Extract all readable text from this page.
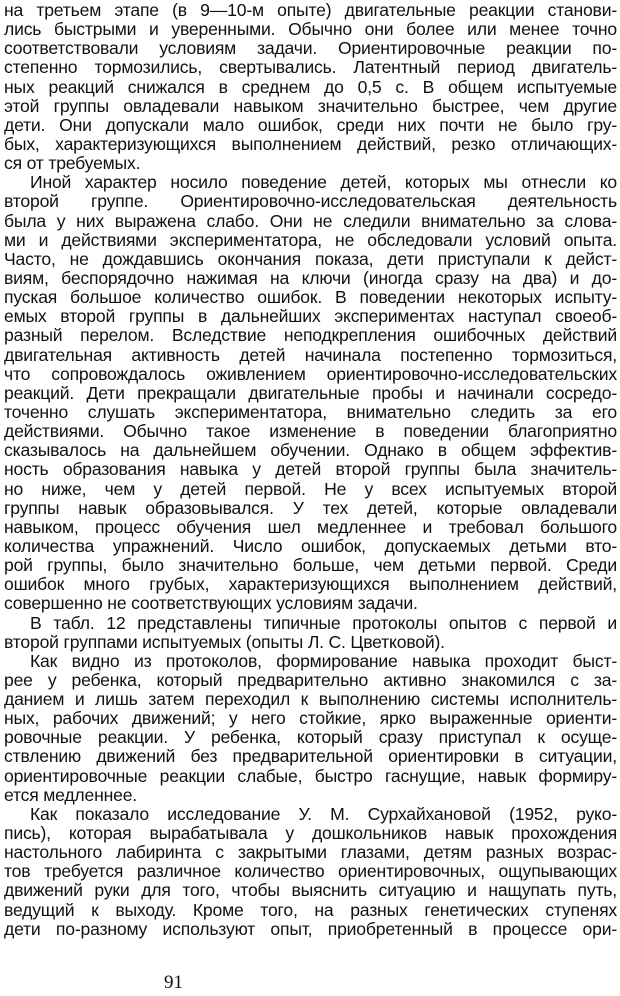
на третьем этапе (в 9—10-м опыте) двигательные реакции станови-
лись быстрыми и уверенными. Обычно они более или менее точно
соответствовали условиям задачи. Ориентировочные реакции по-
степенно тормозились, свертывались. Латентный период двигатель-
ных реакций снижался в среднем до 0,5 с. В общем испытуемые
этой группы овладевали навыком значительно быстрее, чем другие
дети. Они допускали мало ошибок, среди них почти не было гру-
бых, характеризующихся выполнением действий, резко отличающих-
ся от требуемых.
Иной характер носило поведение детей, которых мы отнесли ко
второй группе. Ориентировочно-исследовательская деятельность
была у них выражена слабо. Они не следили внимательно за слова-
ми и действиями экспериментатора, не обследовали условий опыта.
Часто, не дождавшись окончания показа, дети приступали к дейст-
виям, беспорядочно нажимая на ключи (иногда сразу на два) и до-
пуская большое количество ошибок. В поведении некоторых испыту-
емых второй группы в дальнейших экспериментах наступал своеоб-
разный перелом. Вследствие неподкрепления ошибочных действий
двигательная активность детей начинала постепенно тормозиться,
что сопровождалось оживлением ориентировочно-исследовательских
реакций. Дети прекращали двигательные пробы и начинали сосредо-
точенно слушать экспериментатора, внимательно следить за его
действиями. Обычно такое изменение в поведении благоприятно
сказывалось на дальнейшем обучении. Однако в общем эффектив-
ность образования навыка у детей второй группы была значитель-
но ниже, чем у детей первой. Не у всех испытуемых второй
группы навык образовывался. У тех детей, которые овладевали
навыком, процесс обучения шел медленнее и требовал большого
количества упражнений. Число ошибок, допускаемых детьми вто-
рой группы, было значительно больше, чем детьми первой. Среди
ошибок много грубых, характеризующихся выполнением действий,
совершенно не соответствующих условиям задачи.
В табл. 12 представлены типичные протоколы опытов с первой и
второй группами испытуемых (опыты Л. С. Цветковой).
Как видно из протоколов, формирование навыка проходит быст-
рее у ребенка, который предварительно активно знакомился с за-
данием и лишь затем переходил к выполнению системы исполнитель-
ных, рабочих движений; у него стойкие, ярко выраженные ориенти-
ровочные реакции. У ребенка, который сразу приступал к осуще-
ствлению движений без предварительной ориентировки в ситуации,
ориентировочные реакции слабые, быстро гаснущие, навык формиру-
ется медленнее.
Как показало исследование У. М. Сурхайхановой (1952, руко-
пись), которая вырабатывала у дошкольников навык прохождения
настольного лабиринта с закрытыми глазами, детям разных возрас-
тов требуется различное количество ориентировочных, ощупывающих
движений руки для того, чтобы выяснить ситуацию и нащупать путь,
ведущий к выходу. Кроме того, на разных генетических ступенях
дети по-разному используют опыт, приобретенный в процессе ори-
91
